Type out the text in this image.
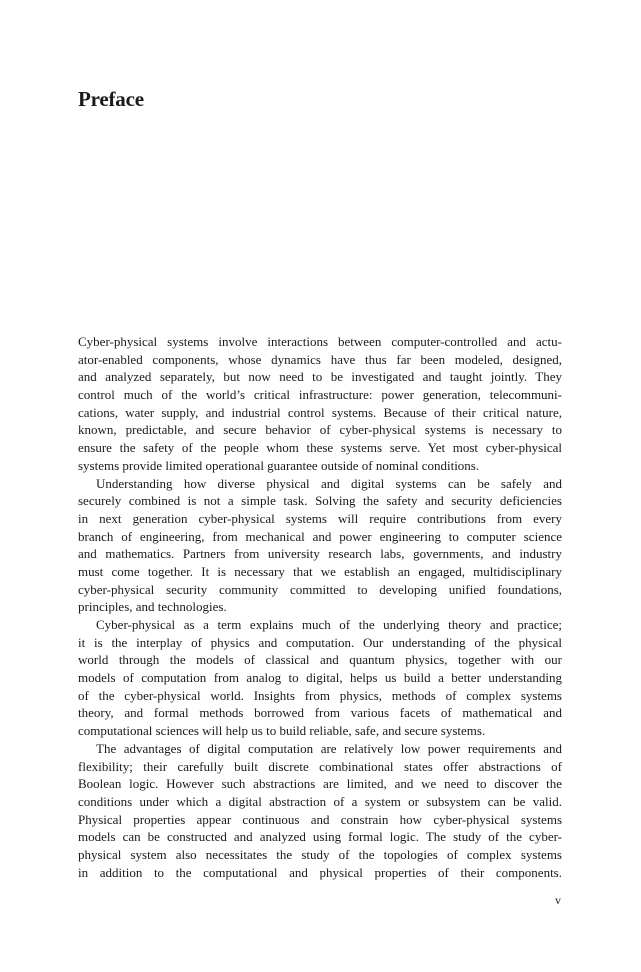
Preface
Cyber-physical systems involve interactions between computer-controlled and actu-
ator-enabled components, whose dynamics have thus far been modeled, designed,
and analyzed separately, but now need to be investigated and taught jointly. They
control much of the world’s critical infrastructure: power generation, telecommuni-
cations, water supply, and industrial control systems. Because of their critical nature,
known, predictable, and secure behavior of cyber-physical systems is necessary to
ensure the safety of the people whom these systems serve. Yet most cyber-physical
systems provide limited operational guarantee outside of nominal conditions.
Understanding how diverse physical and digital systems can be safely and
securely combined is not a simple task. Solving the safety and security deficiencies
in next generation cyber-physical systems will require contributions from every
branch of engineering, from mechanical and power engineering to computer science
and mathematics. Partners from university research labs, governments, and industry
must come together. It is necessary that we establish an engaged, multidisciplinary
cyber-physical security community committed to developing unified foundations,
principles, and technologies.
Cyber-physical as a term explains much of the underlying theory and practice;
it is the interplay of physics and computation. Our understanding of the physical
world through the models of classical and quantum physics, together with our
models of computation from analog to digital, helps us build a better understanding
of the cyber-physical world. Insights from physics, methods of complex systems
theory, and formal methods borrowed from various facets of mathematical and
computational sciences will help us to build reliable, safe, and secure systems.
The advantages of digital computation are relatively low power requirements and
flexibility; their carefully built discrete combinational states offer abstractions of
Boolean logic. However such abstractions are limited, and we need to discover the
conditions under which a digital abstraction of a system or subsystem can be valid.
Physical properties appear continuous and constrain how cyber-physical systems
models can be constructed and analyzed using formal logic. The study of the cyber-
physical system also necessitates the study of the topologies of complex systems
in addition to the computational and physical properties of their components.
v
